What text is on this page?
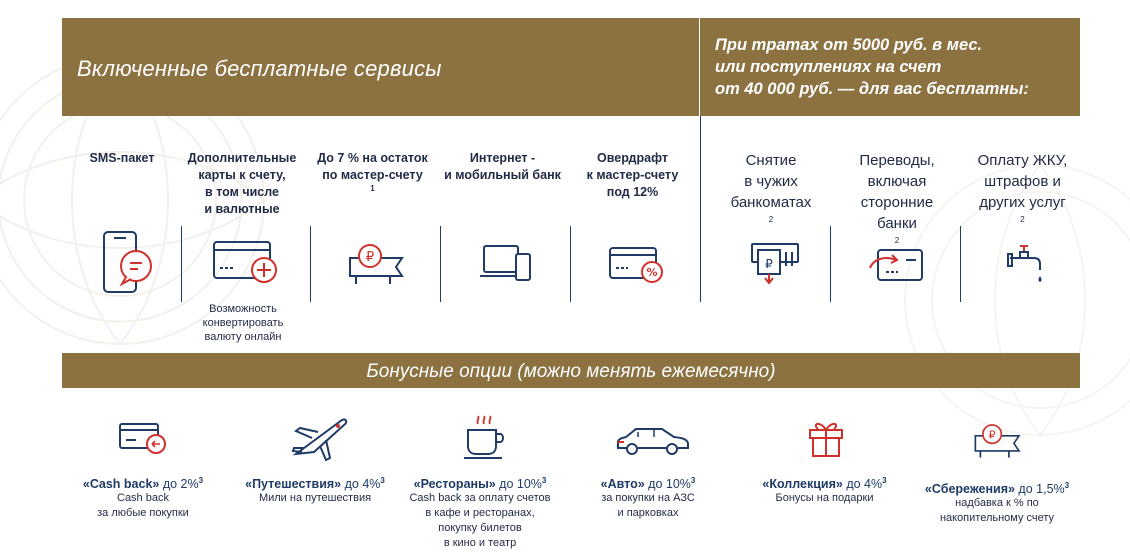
Включенные бесплатные сервисы
При тратах от 5000 руб. в мес.
или поступлениях на счет
от 40 000 руб. — для вас бесплатны:
SMS-пакет	Дополнительные
карты к счету,
в том числе
и валютные
До 7 % на остаток
по мастер-счету
$^1$
Интернет -
и мобильный банк
Овердрафт
к мастер-счету
под 12%
Снятие
в чужих
банкоматах
$^2$
Переводы,
включая
сторонние
банки
$^2$
Оплату ЖКУ,
штрафов и
других услуг
$^2$
Возможность
конвертировать
валюту онлайн
₽
%
₽
Бонусные опции (можно менять ежемесячно)
₽
«Cash back» до 2%$^3$
Cash back
за любые покупки
«Путешествия» до 4%$^3$
Мили на путешествия
«Рестораны» до 10%$^3$
Cash back за оплату счетов
в кафе и ресторанах,
покупку билетов
в кино и театр
«Авто» до 10%$^3$
за покупки на АЗС
и парковках
«Коллекция» до 4%$^3$
Бонусы на подарки
«Сбережения» до 1,5%$^3$
надбавка к % по
накопительному счету
